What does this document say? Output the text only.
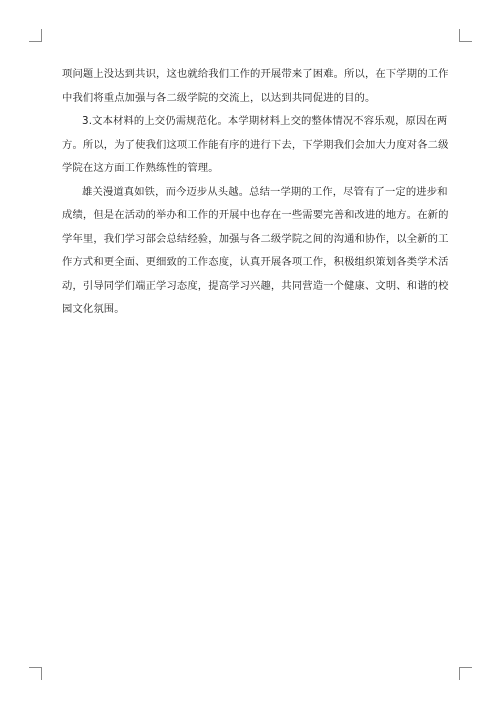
项问题上没达到共识，这也就给我们工作的开展带来了困难。所以，在下学期的工作
中我们将重点加强与各二级学院的交流上，以达到共同促进的目的。
3.文本材料的上交仍需规范化。本学期材料上交的整体情况不容乐观，原因在两
方。所以，为了使我们这项工作能有序的进行下去，下学期我们会加大力度对各二级
学院在这方面工作熟练性的管理。
雄关漫道真如铁，而今迈步从头越。总结一学期的工作，尽管有了一定的进步和
成绩，但是在活动的举办和工作的开展中也存在一些需要完善和改进的地方。在新的
学年里，我们学习部会总结经验，加强与各二级学院之间的沟通和协作，以全新的工
作方式和更全面、更细致的工作态度，认真开展各项工作，积极组织策划各类学术活
动，引导同学们端正学习态度，提高学习兴趣，共同营造一个健康、文明、和谐的校
园文化氛围。
